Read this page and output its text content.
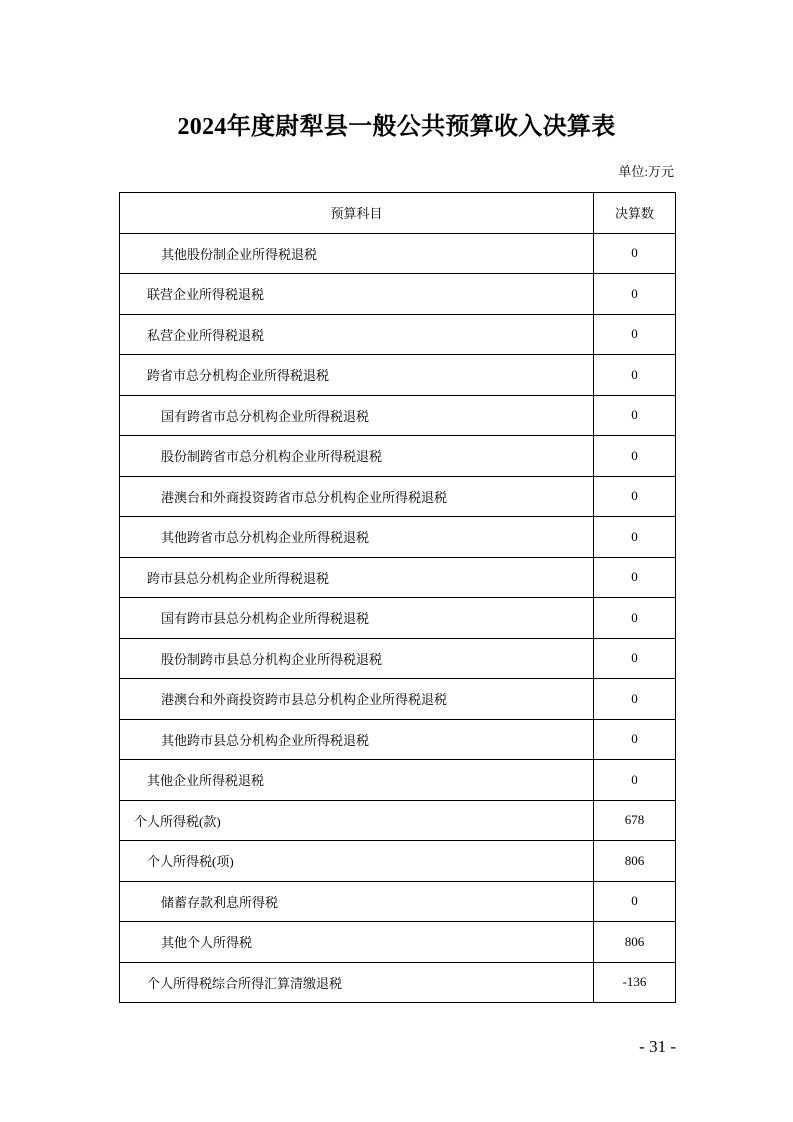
2024年度尉犁县一般公共预算收入决算表
单位:万元
预算科目	决算数
其他股份制企业所得税退税	0
联营企业所得税退税	0
私营企业所得税退税	0
跨省市总分机构企业所得税退税	0
国有跨省市总分机构企业所得税退税	0
股份制跨省市总分机构企业所得税退税	0
港澳台和外商投资跨省市总分机构企业所得税退税	0
其他跨省市总分机构企业所得税退税	0
跨市县总分机构企业所得税退税	0
国有跨市县总分机构企业所得税退税	0
股份制跨市县总分机构企业所得税退税	0
港澳台和外商投资跨市县总分机构企业所得税退税	0
其他跨市县总分机构企业所得税退税	0
其他企业所得税退税	0
个人所得税(款)	678
个人所得税(项)	806
储蓄存款利息所得税	0
其他个人所得税	806
个人所得税综合所得汇算清缴退税	-136
- 31 -
